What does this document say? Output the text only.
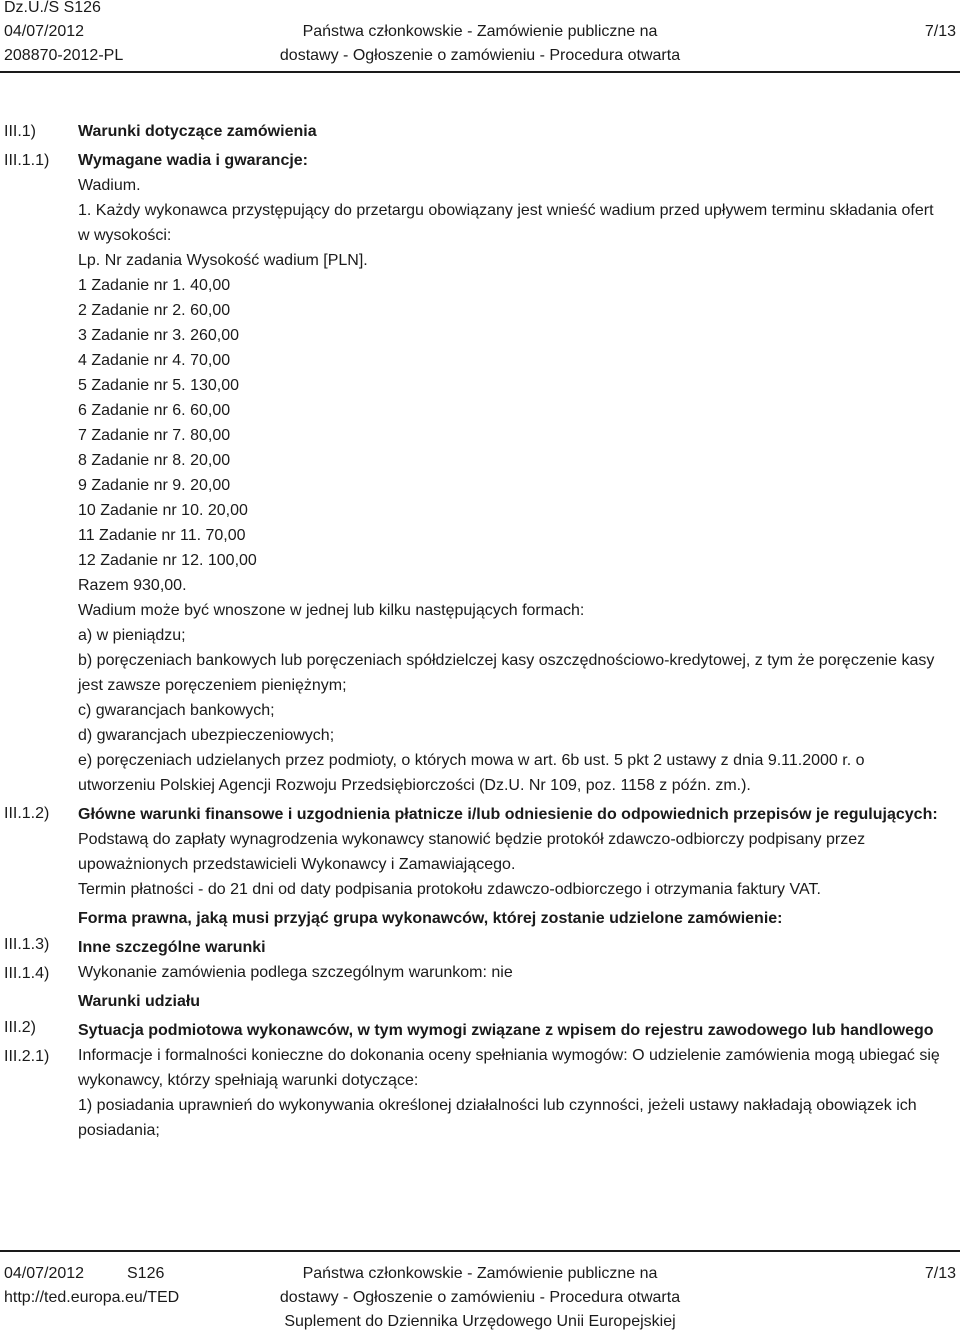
Dz.U./S S126
04/07/2012
208870-2012-PL
Państwa członkowskie - Zamówienie publiczne na
dostawy - Ogłoszenie o zamówieniu - Procedura otwarta
7/13
III.1)
III.1.1)
III.1.2)
III.1.3)
III.1.4)
III.2)
III.2.1)
Warunki dotyczące zamówienia
Wymagane wadia i gwarancje:
Wadium.
1. Każdy wykonawca przystępujący do przetargu obowiązany jest wnieść wadium przed upływem terminu składania ofert w wysokości:
Lp. Nr zadania Wysokość wadium [PLN].
1 Zadanie nr 1. 40,00
2 Zadanie nr 2. 60,00
3 Zadanie nr 3. 260,00
4 Zadanie nr 4. 70,00
5 Zadanie nr 5. 130,00
6 Zadanie nr 6. 60,00
7 Zadanie nr 7. 80,00
8 Zadanie nr 8. 20,00
9 Zadanie nr 9. 20,00
10 Zadanie nr 10. 20,00
11 Zadanie nr 11. 70,00
12 Zadanie nr 12. 100,00
Razem 930,00.
Wadium może być wnoszone w jednej lub kilku następujących formach:
a) w pieniądzu;
b) poręczeniach bankowych lub poręczeniach spółdzielczej kasy oszczędnościowo-kredytowej, z tym że poręczenie kasy jest zawsze poręczeniem pieniężnym;
c) gwarancjach bankowych;
d) gwarancjach ubezpieczeniowych;
e) poręczeniach udzielanych przez podmioty, o których mowa w art. 6b ust. 5 pkt 2 ustawy z dnia 9.11.2000 r. o utworzeniu Polskiej Agencji Rozwoju Przedsiębiorczości (Dz.U. Nr 109, poz. 1158 z późn. zm.).
Główne warunki finansowe i uzgodnienia płatnicze i/lub odniesienie do odpowiednich przepisów je regulujących:
Podstawą do zapłaty wynagrodzenia wykonawcy stanowić będzie protokół zdawczo-odbiorczy podpisany przez upoważnionych przedstawicieli Wykonawcy i Zamawiającego.
Termin płatności - do 21 dni od daty podpisania protokołu zdawczo-odbiorczego i otrzymania faktury VAT.
Forma prawna, jaką musi przyjąć grupa wykonawców, której zostanie udzielone zamówienie:
Inne szczególne warunki
Wykonanie zamówienia podlega szczególnym warunkom: nie
Warunki udziału
Sytuacja podmiotowa wykonawców, w tym wymogi związane z wpisem do rejestru zawodowego lub handlowego
Informacje i formalności konieczne do dokonania oceny spełniania wymogów: O udzielenie zamówienia mogą ubiegać się wykonawcy, którzy spełniają warunki dotyczące:
1) posiadania uprawnień do wykonywania określonej działalności lub czynności, jeżeli ustawy nakładają obowiązek ich posiadania;
04/07/2012	S126
http://ted.europa.eu/TED
Państwa członkowskie - Zamówienie publiczne na
dostawy - Ogłoszenie o zamówieniu - Procedura otwarta
Suplement do Dziennika Urzędowego Unii Europejskiej
7/13
